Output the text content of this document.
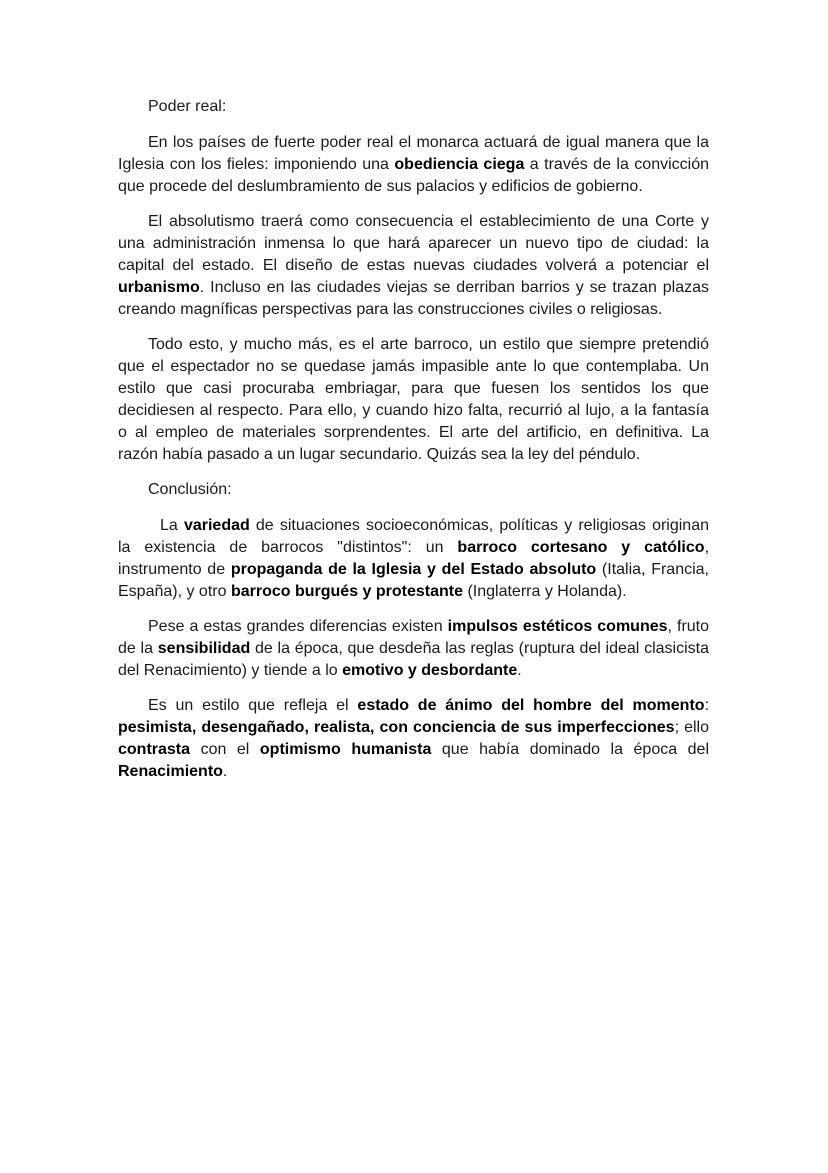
Poder real:

En los países de fuerte poder real el monarca actuará de igual manera que la Iglesia con los fieles: imponiendo una obediencia ciega a través de la convicción que procede del deslumbramiento de sus palacios y edificios de gobierno.

El absolutismo traerá como consecuencia el establecimiento de una Corte y una administración inmensa lo que hará aparecer un nuevo tipo de ciudad: la capital del estado. El diseño de estas nuevas ciudades volverá a potenciar el urbanismo. Incluso en las ciudades viejas se derriban barrios y se trazan plazas creando magníficas perspectivas para las construcciones civiles o religiosas.

Todo esto, y mucho más, es el arte barroco, un estilo que siempre pretendió que el espectador no se quedase jamás impasible ante lo que contemplaba. Un estilo que casi procuraba embriagar, para que fuesen los sentidos los que decidiesen al respecto. Para ello, y cuando hizo falta, recurrió al lujo, a la fantasía o al empleo de materiales sorprendentes. El arte del artificio, en definitiva. La razón había pasado a un lugar secundario. Quizás sea la ley del péndulo.

Conclusión:

La variedad de situaciones socioeconómicas, políticas y religiosas originan la existencia de barrocos "distintos": un barroco cortesano y católico, instrumento de propaganda de la Iglesia y del Estado absoluto (Italia, Francia, España), y otro barroco burgués y protestante (Inglaterra y Holanda).

Pese a estas grandes diferencias existen impulsos estéticos comunes, fruto de la sensibilidad de la época, que desdeña las reglas (ruptura del ideal clasicista del Renacimiento) y tiende a lo emotivo y desbordante.

Es un estilo que refleja el estado de ánimo del hombre del momento: pesimista, desengañado, realista, con conciencia de sus imperfecciones; ello contrasta con el optimismo humanista que había dominado la época del Renacimiento.
